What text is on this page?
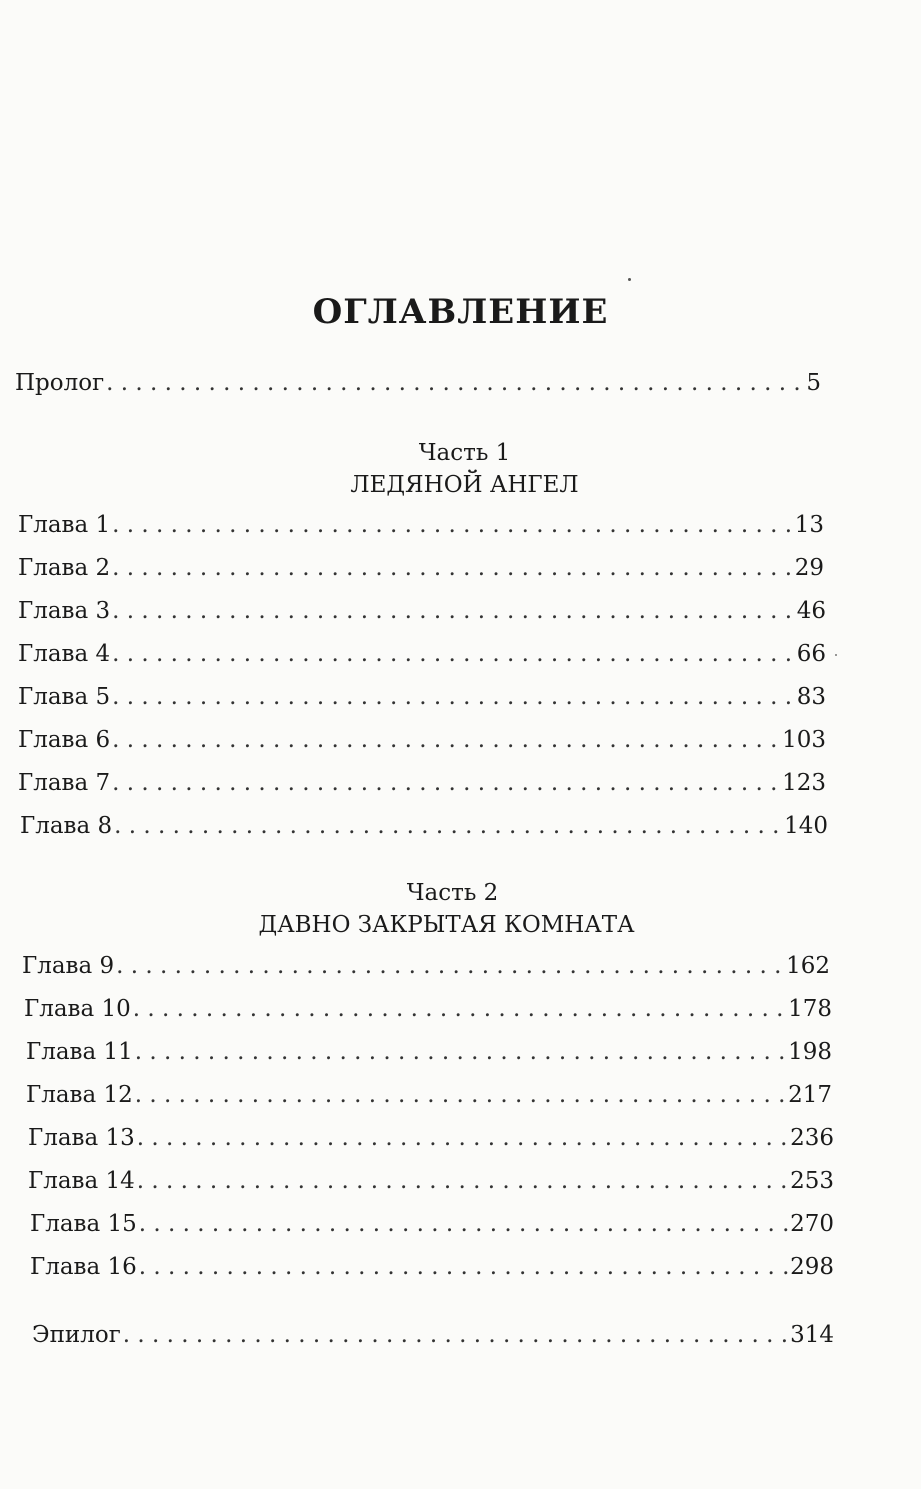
ОГЛАВЛЕНИЕ
Пролог . . .	5
Часть 1
ЛЕДЯНОЙ АНГЕЛ
Глава 1 . . .	13
Глава 2 . . .	29
Глава 3 . . .	46
Глава 4 . . .	66
Глава 5 . . .	83
Глава 6 . . .	103
Глава 7 . . .	123
Глава 8 . . .	140
Часть 2
ДАВНО ЗАКРЫТАЯ КОМНАТА
Глава 9 . . .	162
Глава 10 . . .	178
Глава 11 . . .	198
Глава 12 . . .	217
Глава 13 . . .	236
Глава 14 . . .	253
Глава 15 . . .	270
Глава 16 . . .	298
Эпилог . . .	314
